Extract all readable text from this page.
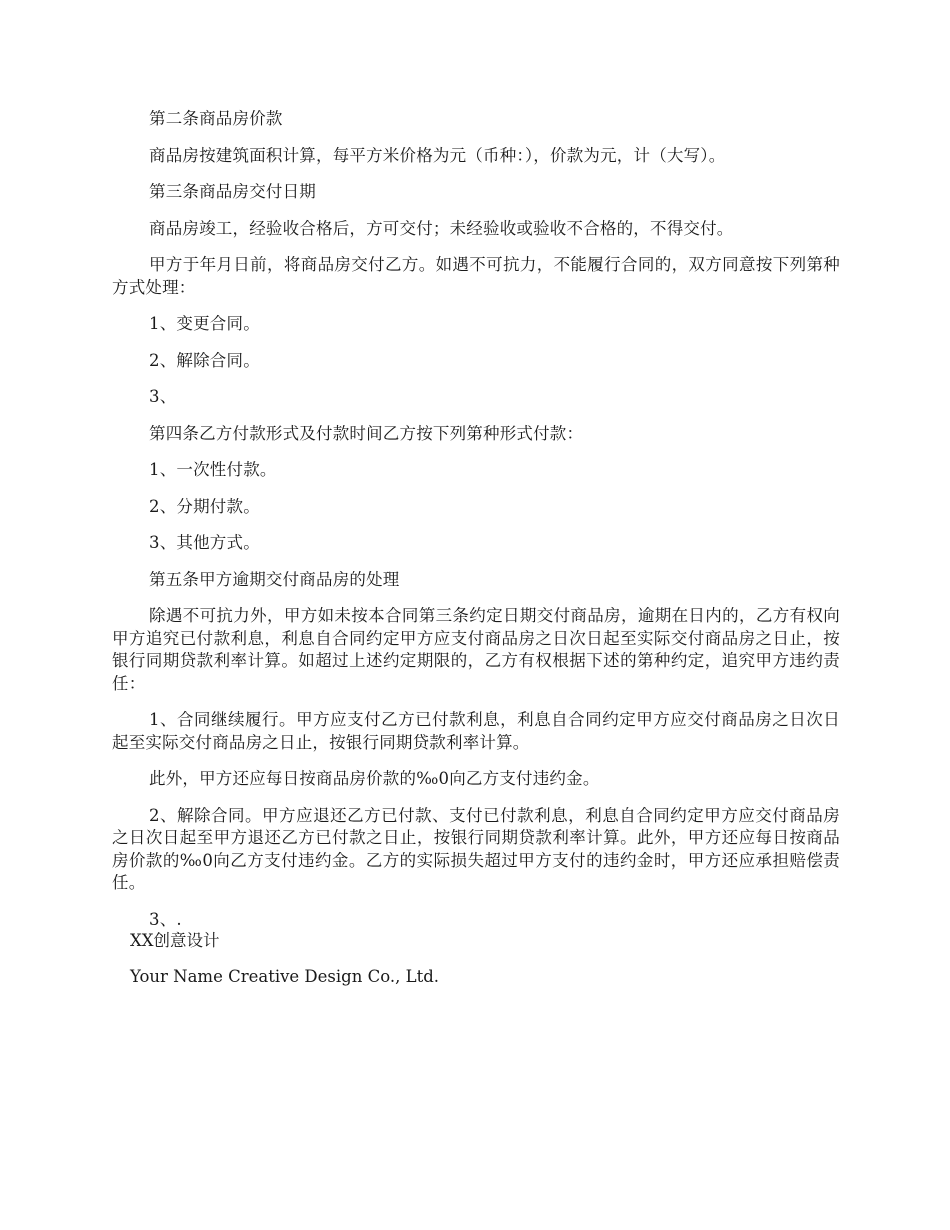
第二条商品房价款

商品房按建筑面积计算，每平方米价格为元（币种：），价款为元，计（大写）。

第三条商品房交付日期

商品房竣工，经验收合格后，方可交付；未经验收或验收不合格的，不得交付。

甲方于年月日前，将商品房交付乙方。如遇不可抗力，不能履行合同的，双方同意按下列第种方式处理：

1、变更合同。

2、解除合同。

3、

第四条乙方付款形式及付款时间乙方按下列第种形式付款：

1、一次性付款。

2、分期付款。

3、其他方式。

第五条甲方逾期交付商品房的处理

除遇不可抗力外，甲方如未按本合同第三条约定日期交付商品房，逾期在日内的，乙方有权向甲方追究已付款利息，利息自合同约定甲方应支付商品房之日次日起至实际交付商品房之日止，按银行同期贷款利率计算。如超过上述约定期限的，乙方有权根据下述的第种约定，追究甲方违约责任：

1、合同继续履行。甲方应支付乙方已付款利息，利息自合同约定甲方应交付商品房之日次日起至实际交付商品房之日止，按银行同期贷款利率计算。

此外，甲方还应每日按商品房价款的‰0向乙方支付违约金。

2、解除合同。甲方应退还乙方已付款、支付已付款利息，利息自合同约定甲方应交付商品房之日次日起至甲方退还乙方已付款之日止，按银行同期贷款利率计算。此外，甲方还应每日按商品房价款的‰0向乙方支付违约金。乙方的实际损失超过甲方支付的违约金时，甲方还应承担赔偿责任。

3、.

XX创意设计

Your Name Creative Design Co., Ltd.
